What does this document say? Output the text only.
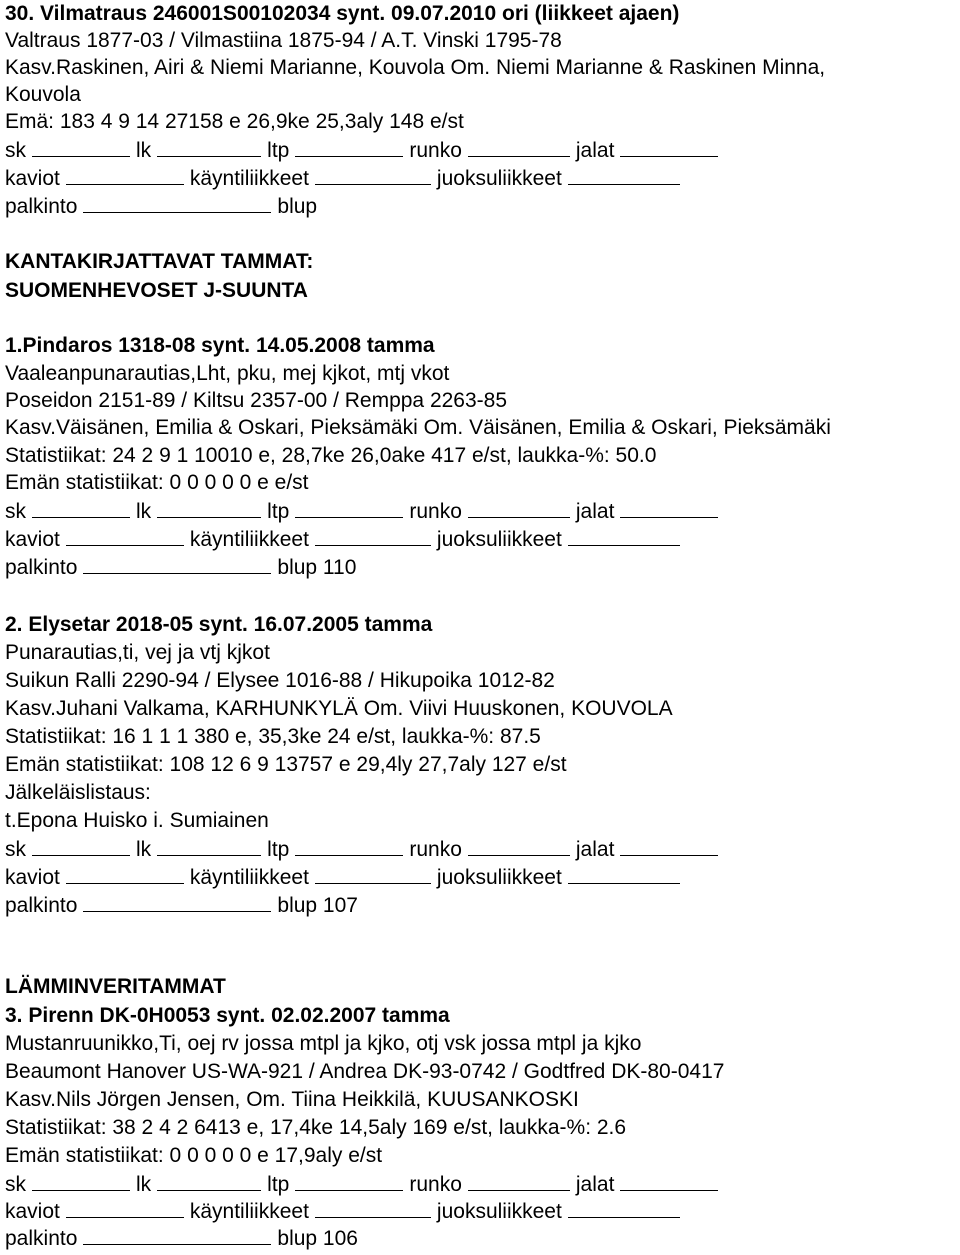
30. Vilmatraus 246001S00102034 synt. 09.07.2010 ori (liikkeet ajaen)
Valtraus 1877-03 / Vilmastiina 1875-94 / A.T. Vinski 1795-78
Kasv.Raskinen, Airi & Niemi Marianne, Kouvola Om. Niemi Marianne & Raskinen Minna,
Kouvola
Emä: 183 4 9 14 27158 e 26,9ke 25,3aly 148 e/st
sk	lk	ltp	runko	jalat
kaviot	käyntiliikkeet	juoksuliikkeet
palkinto	blup
KANTAKIRJATTAVAT TAMMAT:
SUOMENHEVOSET J-SUUNTA
1.Pindaros 1318-08 synt. 14.05.2008 tamma
Vaaleanpunarautias,Lht, pku, mej kjkot, mtj vkot
Poseidon 2151-89 / Kiltsu 2357-00 / Remppa 2263-85
Kasv.Väisänen, Emilia & Oskari, Pieksämäki Om. Väisänen, Emilia & Oskari, Pieksämäki
Statistiikat: 24 2 9 1 10010 e, 28,7ke 26,0ake 417 e/st, laukka-%: 50.0
Emän statistiikat: 0 0 0 0 0 e e/st
sk	lk	ltp	runko	jalat
kaviot	käyntiliikkeet	juoksuliikkeet
palkinto	blup 110
2. Elysetar 2018-05 synt. 16.07.2005 tamma
Punarautias,ti, vej ja vtj kjkot
Suikun Ralli 2290-94 / Elysee 1016-88 / Hikupoika 1012-82
Kasv.Juhani Valkama, KARHUNKYLÄ Om. Viivi Huuskonen, KOUVOLA
Statistiikat: 16 1 1 1 380 e, 35,3ke 24 e/st, laukka-%: 87.5
Emän statistiikat: 108 12 6 9 13757 e 29,4ly 27,7aly 127 e/st
Jälkeläislistaus:
t.Epona Huisko i. Sumiainen
sk	lk	ltp	runko	jalat
kaviot	käyntiliikkeet	juoksuliikkeet
palkinto	blup 107
LÄMMINVERITAMMAT
3. Pirenn DK-0H0053 synt. 02.02.2007 tamma
Mustanruunikko,Ti, oej rv jossa mtpl ja kjko, otj vsk jossa mtpl ja kjko
Beaumont Hanover US-WA-921 / Andrea DK-93-0742 / Godtfred DK-80-0417
Kasv.Nils Jörgen Jensen, Om. Tiina Heikkilä, KUUSANKOSKI
Statistiikat: 38 2 4 2 6413 e, 17,4ke 14,5aly 169 e/st, laukka-%: 2.6
Emän statistiikat: 0 0 0 0 0 e 17,9aly e/st
sk	lk	ltp	runko	jalat
kaviot	käyntiliikkeet	juoksuliikkeet
palkinto	blup 106
